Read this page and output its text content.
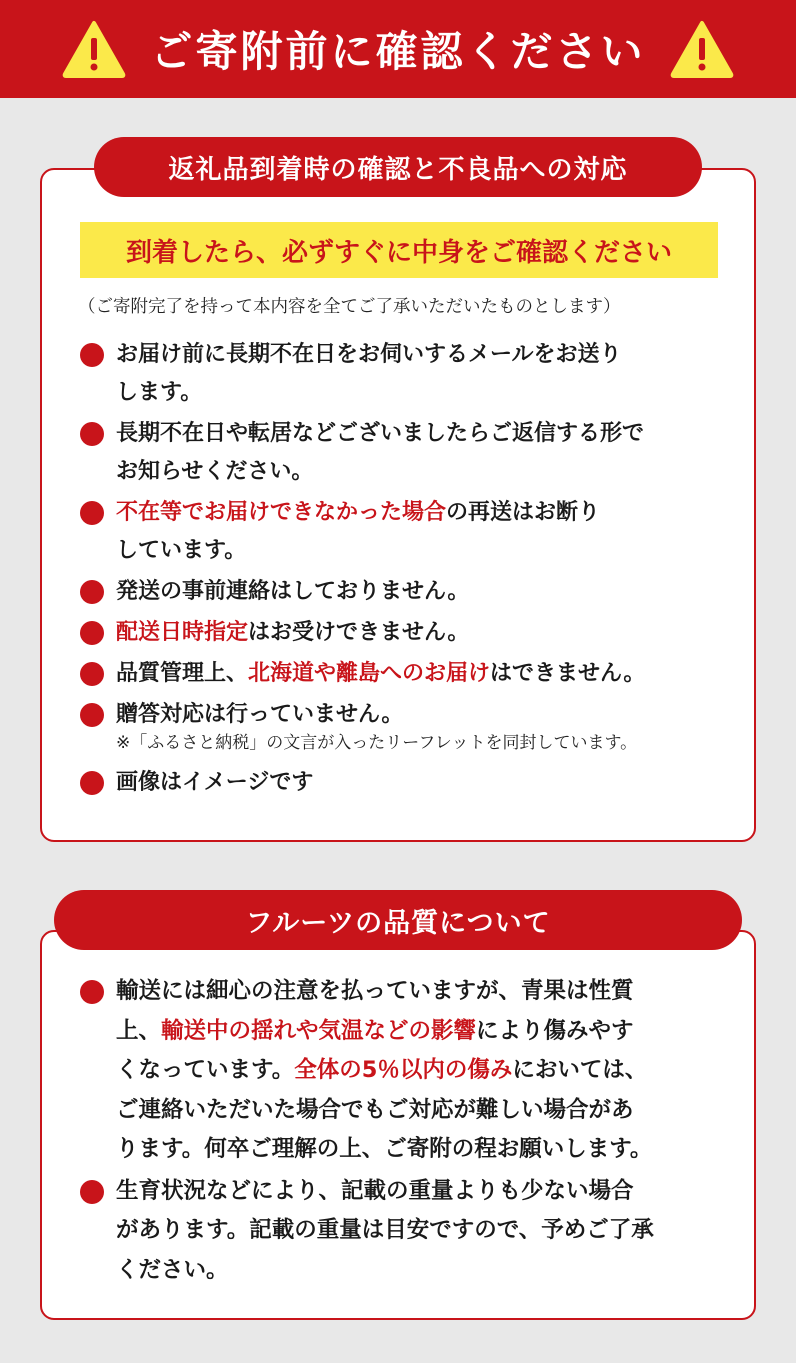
ご寄附前に確認ください
返礼品到着時の確認と不良品への対応
到着したら、必ずすぐに中身をご確認ください
（ご寄附完了を持って本内容を全てご了承いただいたものとします）
お届け前に長期不在日をお伺いするメールをお送り
します。
長期不在日や転居などございましたらご返信する形で
お知らせください。
不在等でお届けできなかった場合の再送はお断り
しています。
発送の事前連絡はしておりません。
配送日時指定はお受けできません。
品質管理上、北海道や離島へのお届けはできません。
贈答対応は行っていません。
※「ふるさと納税」の文言が入ったリーフレットを同封しています。
画像はイメージです
フルーツの品質について
輸送には細心の注意を払っていますが、青果は性質
上、輸送中の揺れや気温などの影響により傷みやす
くなっています。全体の5％以内の傷みにおいては、
ご連絡いただいた場合でもご対応が難しい場合があ
ります。何卒ご理解の上、ご寄附の程お願いします。
生育状況などにより、記載の重量よりも少ない場合
があります。記載の重量は目安ですので、予めご了承
ください。
